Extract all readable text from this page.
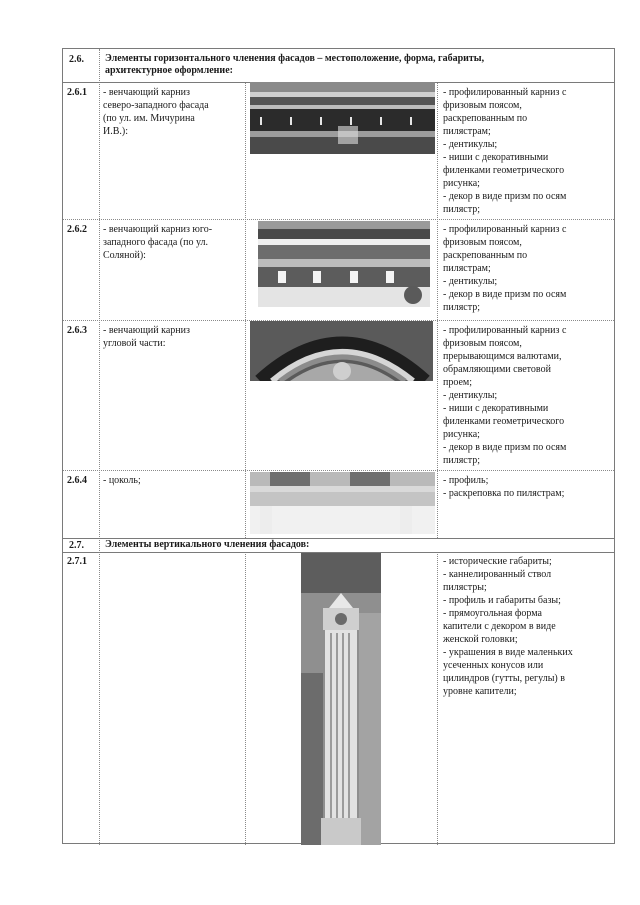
2.6. Элементы горизонтального членения фасадов – местоположение, форма, габариты,
архитектурное оформление:
2.6.1 - венчающий карниз
северо-западного фасада
(по ул. им. Мичурина
И.В.):
- профилированный карниз с
фризовым поясом,
раскрепованным по
пилястрам;
- дентикулы;
- ниши с декоративными
филенками геометрического
рисунка;
- декор в виде призм по осям
пилястр;
2.6.2 - венчающий карниз юго-
западного фасада (по ул.
Соляной):
- профилированный карниз с
фризовым поясом,
раскрепованным по
пилястрам;
- дентикулы;
- декор в виде призм по осям
пилястр;
2.6.3 - венчающий карниз
угловой части:
- профилированный карниз с
фризовым поясом,
прерывающимся валютами,
обрамляющими световой
проем;
- дентикулы;
- ниши с декоративными
филенками геометрического
рисунка;
- декор в виде призм по осям
пилястр;
2.6.4 - цоколь;	- профиль;
- раскреповка по пилястрам;
2.7. Элементы вертикального членения фасадов:
2.7.1	- исторические габариты;
- каннелированный ствол
пилястры;
- профиль и габариты базы;
- прямоугольная форма
капители с декором в виде
женской головки;
- украшения в виде маленьких
усеченных конусов или
цилиндров (гутты, регулы) в
уровне капители;
